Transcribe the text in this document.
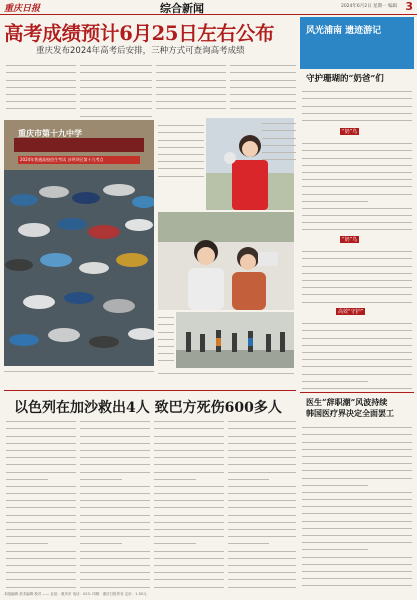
重庆日报	综合新闻	2024年6月2日 星期一 编辑 3
高考成绩预计6月25日左右公布
重庆发布2024年高考后安排，三种方式可查询高考成绩
重庆市第十九中学
2024年普通高校招生考试 沙坪坝区第十九考点
以色列在加沙救出4人 致巴方死伤600多人
风光浦南 遗迹游记
守护珊瑚的“奶爸”们
“奶”鸟
“奶”鸟
高效“守护”
医生“辞职潮”风波持续
韩国医疗界决定全面罢工
本版编辑 美术编辑 校对 —— 社址：重庆市 电话：023- 印刷：重庆日报印务 定价：1.50元
